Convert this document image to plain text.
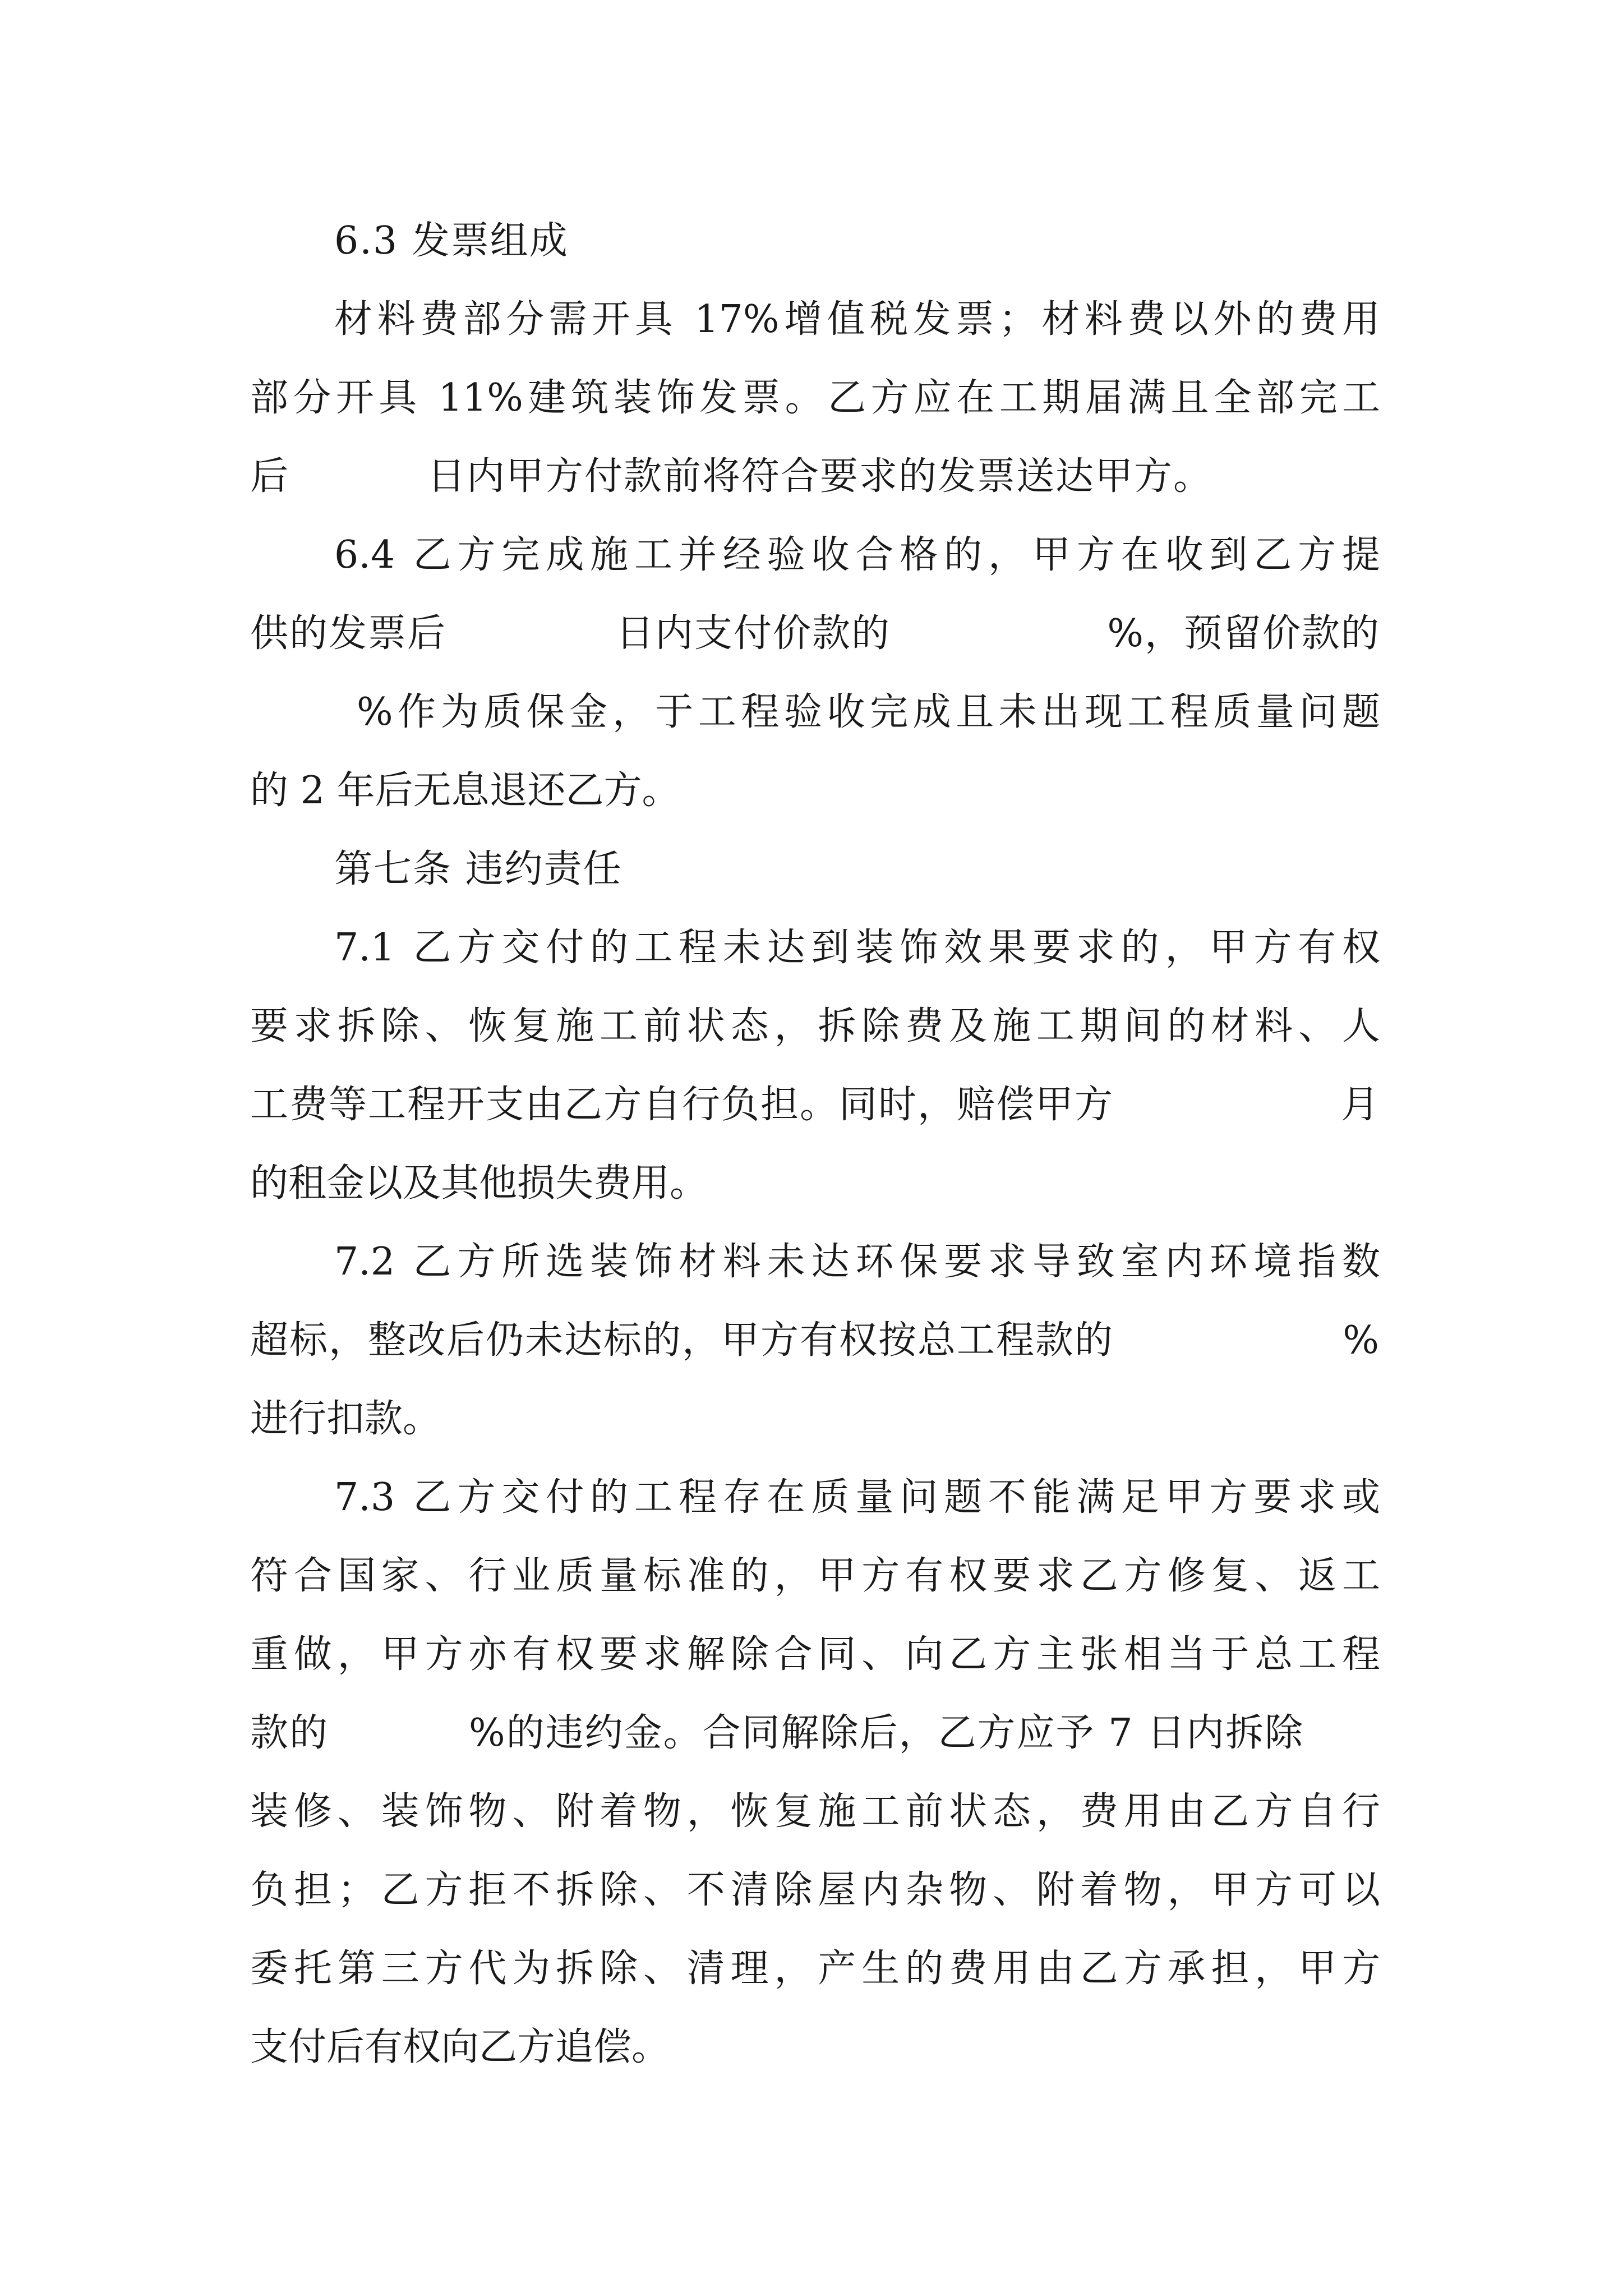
6.3 发票组成
材料费部分需开具 17%增值税发票；材料费以外的费用
部分开具 11%建筑装饰发票。乙方应在工期届满且全部完工
后	日内甲方付款前将符合要求的发票送达甲方。
6.4 乙方完成施工并经验收合格的，甲方在收到乙方提
供的发票后	日内支付价款的	%，预留价款的
%作为质保金，于工程验收完成且未出现工程质量问题
的 2 年后无息退还乙方。
第七条 违约责任
7.1 乙方交付的工程未达到装饰效果要求的，甲方有权
要求拆除、恢复施工前状态，拆除费及施工期间的材料、人
工费等工程开支由乙方自行负担。同时，赔偿甲方	月
的租金以及其他损失费用。
7.2 乙方所选装饰材料未达环保要求导致室内环境指数
超标，整改后仍未达标的，甲方有权按总工程款的	%
进行扣款。
7.3 乙方交付的工程存在质量问题不能满足甲方要求或
符合国家、行业质量标准的，甲方有权要求乙方修复、返工
重做，甲方亦有权要求解除合同、向乙方主张相当于总工程
款的	%的违约金。合同解除后，乙方应予 7 日内拆除
装修、装饰物、附着物，恢复施工前状态，费用由乙方自行
负担；乙方拒不拆除、不清除屋内杂物、附着物，甲方可以
委托第三方代为拆除、清理，产生的费用由乙方承担，甲方
支付后有权向乙方追偿。
